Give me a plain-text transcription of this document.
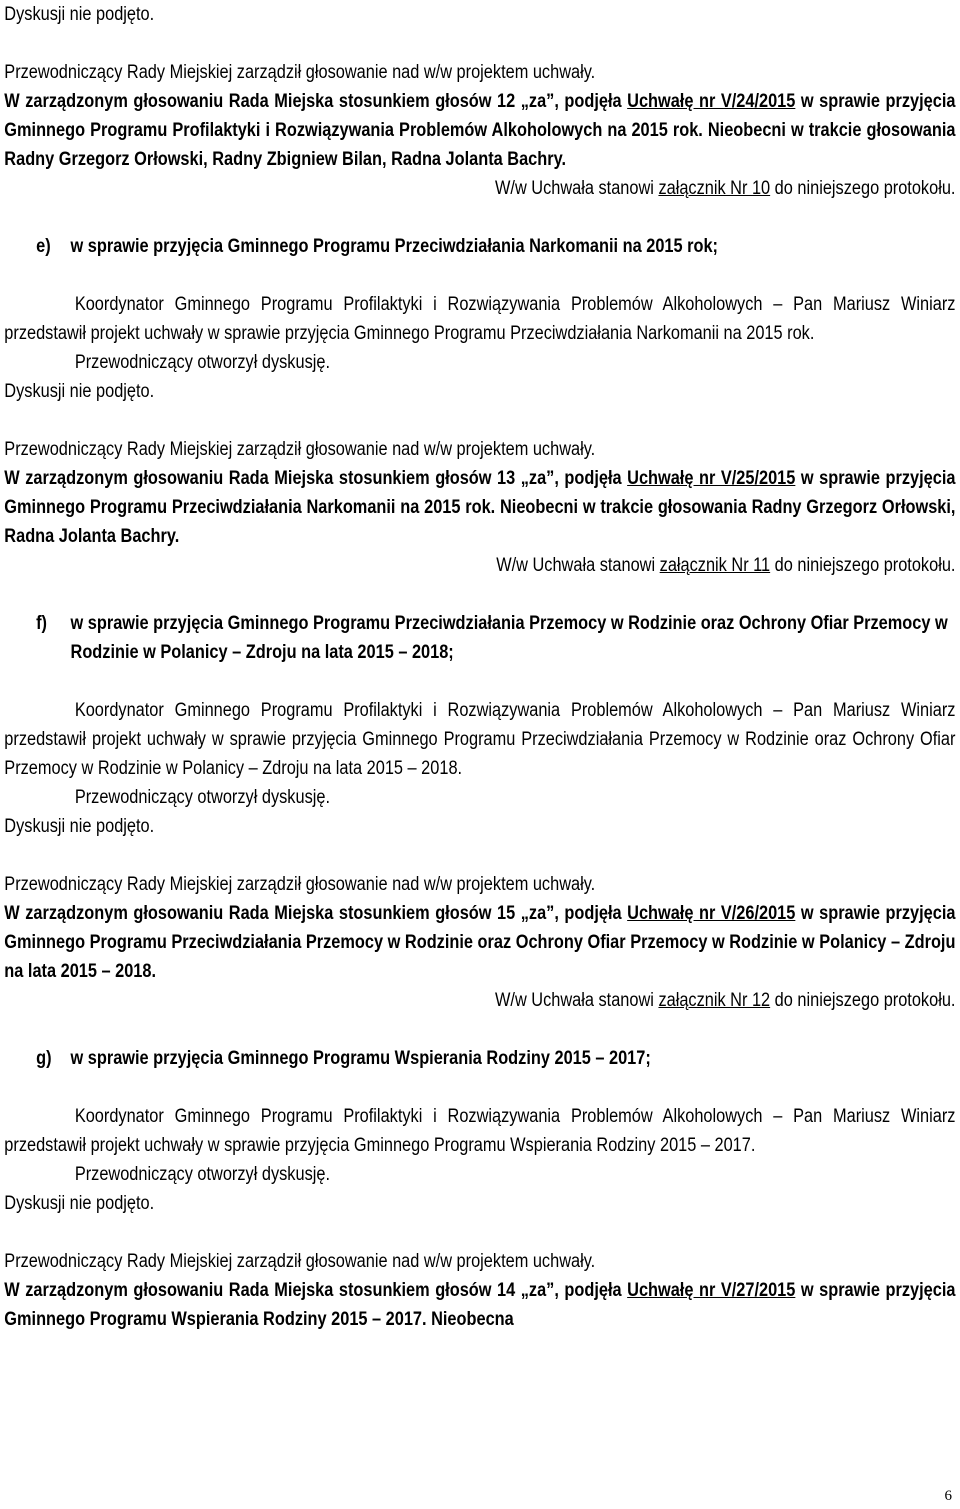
Dyskusji nie podjęto.

Przewodniczący Rady Miejskiej zarządził głosowanie nad w/w projektem uchwały.

W zarządzonym głosowaniu Rada Miejska stosunkiem głosów 12 „za”, podjęła Uchwałę nr V/24/2015 w sprawie przyjęcia Gminnego Programu Profilaktyki i Rozwiązywania Problemów Alkoholowych na 2015 rok. Nieobecni w trakcie głosowania Radny Grzegorz Orłowski, Radny Zbigniew Bilan, Radna Jolanta Bachry.

W/w Uchwała stanowi załącznik Nr 10 do niniejszego protokołu.

e)	w sprawie przyjęcia Gminnego Programu Przeciwdziałania Narkomanii na 2015 rok;

Koordynator Gminnego Programu Profilaktyki i Rozwiązywania Problemów Alkoholowych – Pan Mariusz Winiarz przedstawił projekt uchwały w sprawie przyjęcia Gminnego Programu Przeciwdziałania Narkomanii na 2015 rok.

Przewodniczący otworzył dyskusję.

Dyskusji nie podjęto.

Przewodniczący Rady Miejskiej zarządził głosowanie nad w/w projektem uchwały.

W zarządzonym głosowaniu Rada Miejska stosunkiem głosów 13 „za”, podjęła Uchwałę nr V/25/2015 w sprawie przyjęcia Gminnego Programu Przeciwdziałania Narkomanii na 2015 rok. Nieobecni w trakcie głosowania Radny Grzegorz Orłowski, Radna Jolanta Bachry.

W/w Uchwała stanowi załącznik Nr 11 do niniejszego protokołu.

f)	w sprawie przyjęcia Gminnego Programu Przeciwdziałania Przemocy w Rodzinie oraz Ochrony Ofiar Przemocy w Rodzinie w Polanicy – Zdroju na lata 2015 – 2018;

Koordynator Gminnego Programu Profilaktyki i Rozwiązywania Problemów Alkoholowych – Pan Mariusz Winiarz przedstawił projekt uchwały w sprawie przyjęcia Gminnego Programu Przeciwdziałania Przemocy w Rodzinie oraz Ochrony Ofiar Przemocy w Rodzinie w Polanicy – Zdroju na lata 2015 – 2018.

Przewodniczący otworzył dyskusję.

Dyskusji nie podjęto.

Przewodniczący Rady Miejskiej zarządził głosowanie nad w/w projektem uchwały.

W zarządzonym głosowaniu Rada Miejska stosunkiem głosów 15 „za”, podjęła Uchwałę nr V/26/2015 w sprawie przyjęcia Gminnego Programu Przeciwdziałania Przemocy w Rodzinie oraz Ochrony Ofiar Przemocy w Rodzinie w Polanicy – Zdroju na lata 2015 – 2018.

W/w Uchwała stanowi załącznik Nr 12 do niniejszego protokołu.

g) w sprawie przyjęcia Gminnego Programu Wspierania Rodziny 2015 – 2017;

Koordynator Gminnego Programu Profilaktyki i Rozwiązywania Problemów Alkoholowych – Pan Mariusz Winiarz przedstawił projekt uchwały w sprawie przyjęcia Gminnego Programu Wspierania Rodziny 2015 – 2017.

Przewodniczący otworzył dyskusję.

Dyskusji nie podjęto.

Przewodniczący Rady Miejskiej zarządził głosowanie nad w/w projektem uchwały.

W zarządzonym głosowaniu Rada Miejska stosunkiem głosów 14 „za”, podjęła Uchwałę nr V/27/2015 w sprawie przyjęcia Gminnego Programu Wspierania Rodziny 2015 – 2017. Nieobecna

6
